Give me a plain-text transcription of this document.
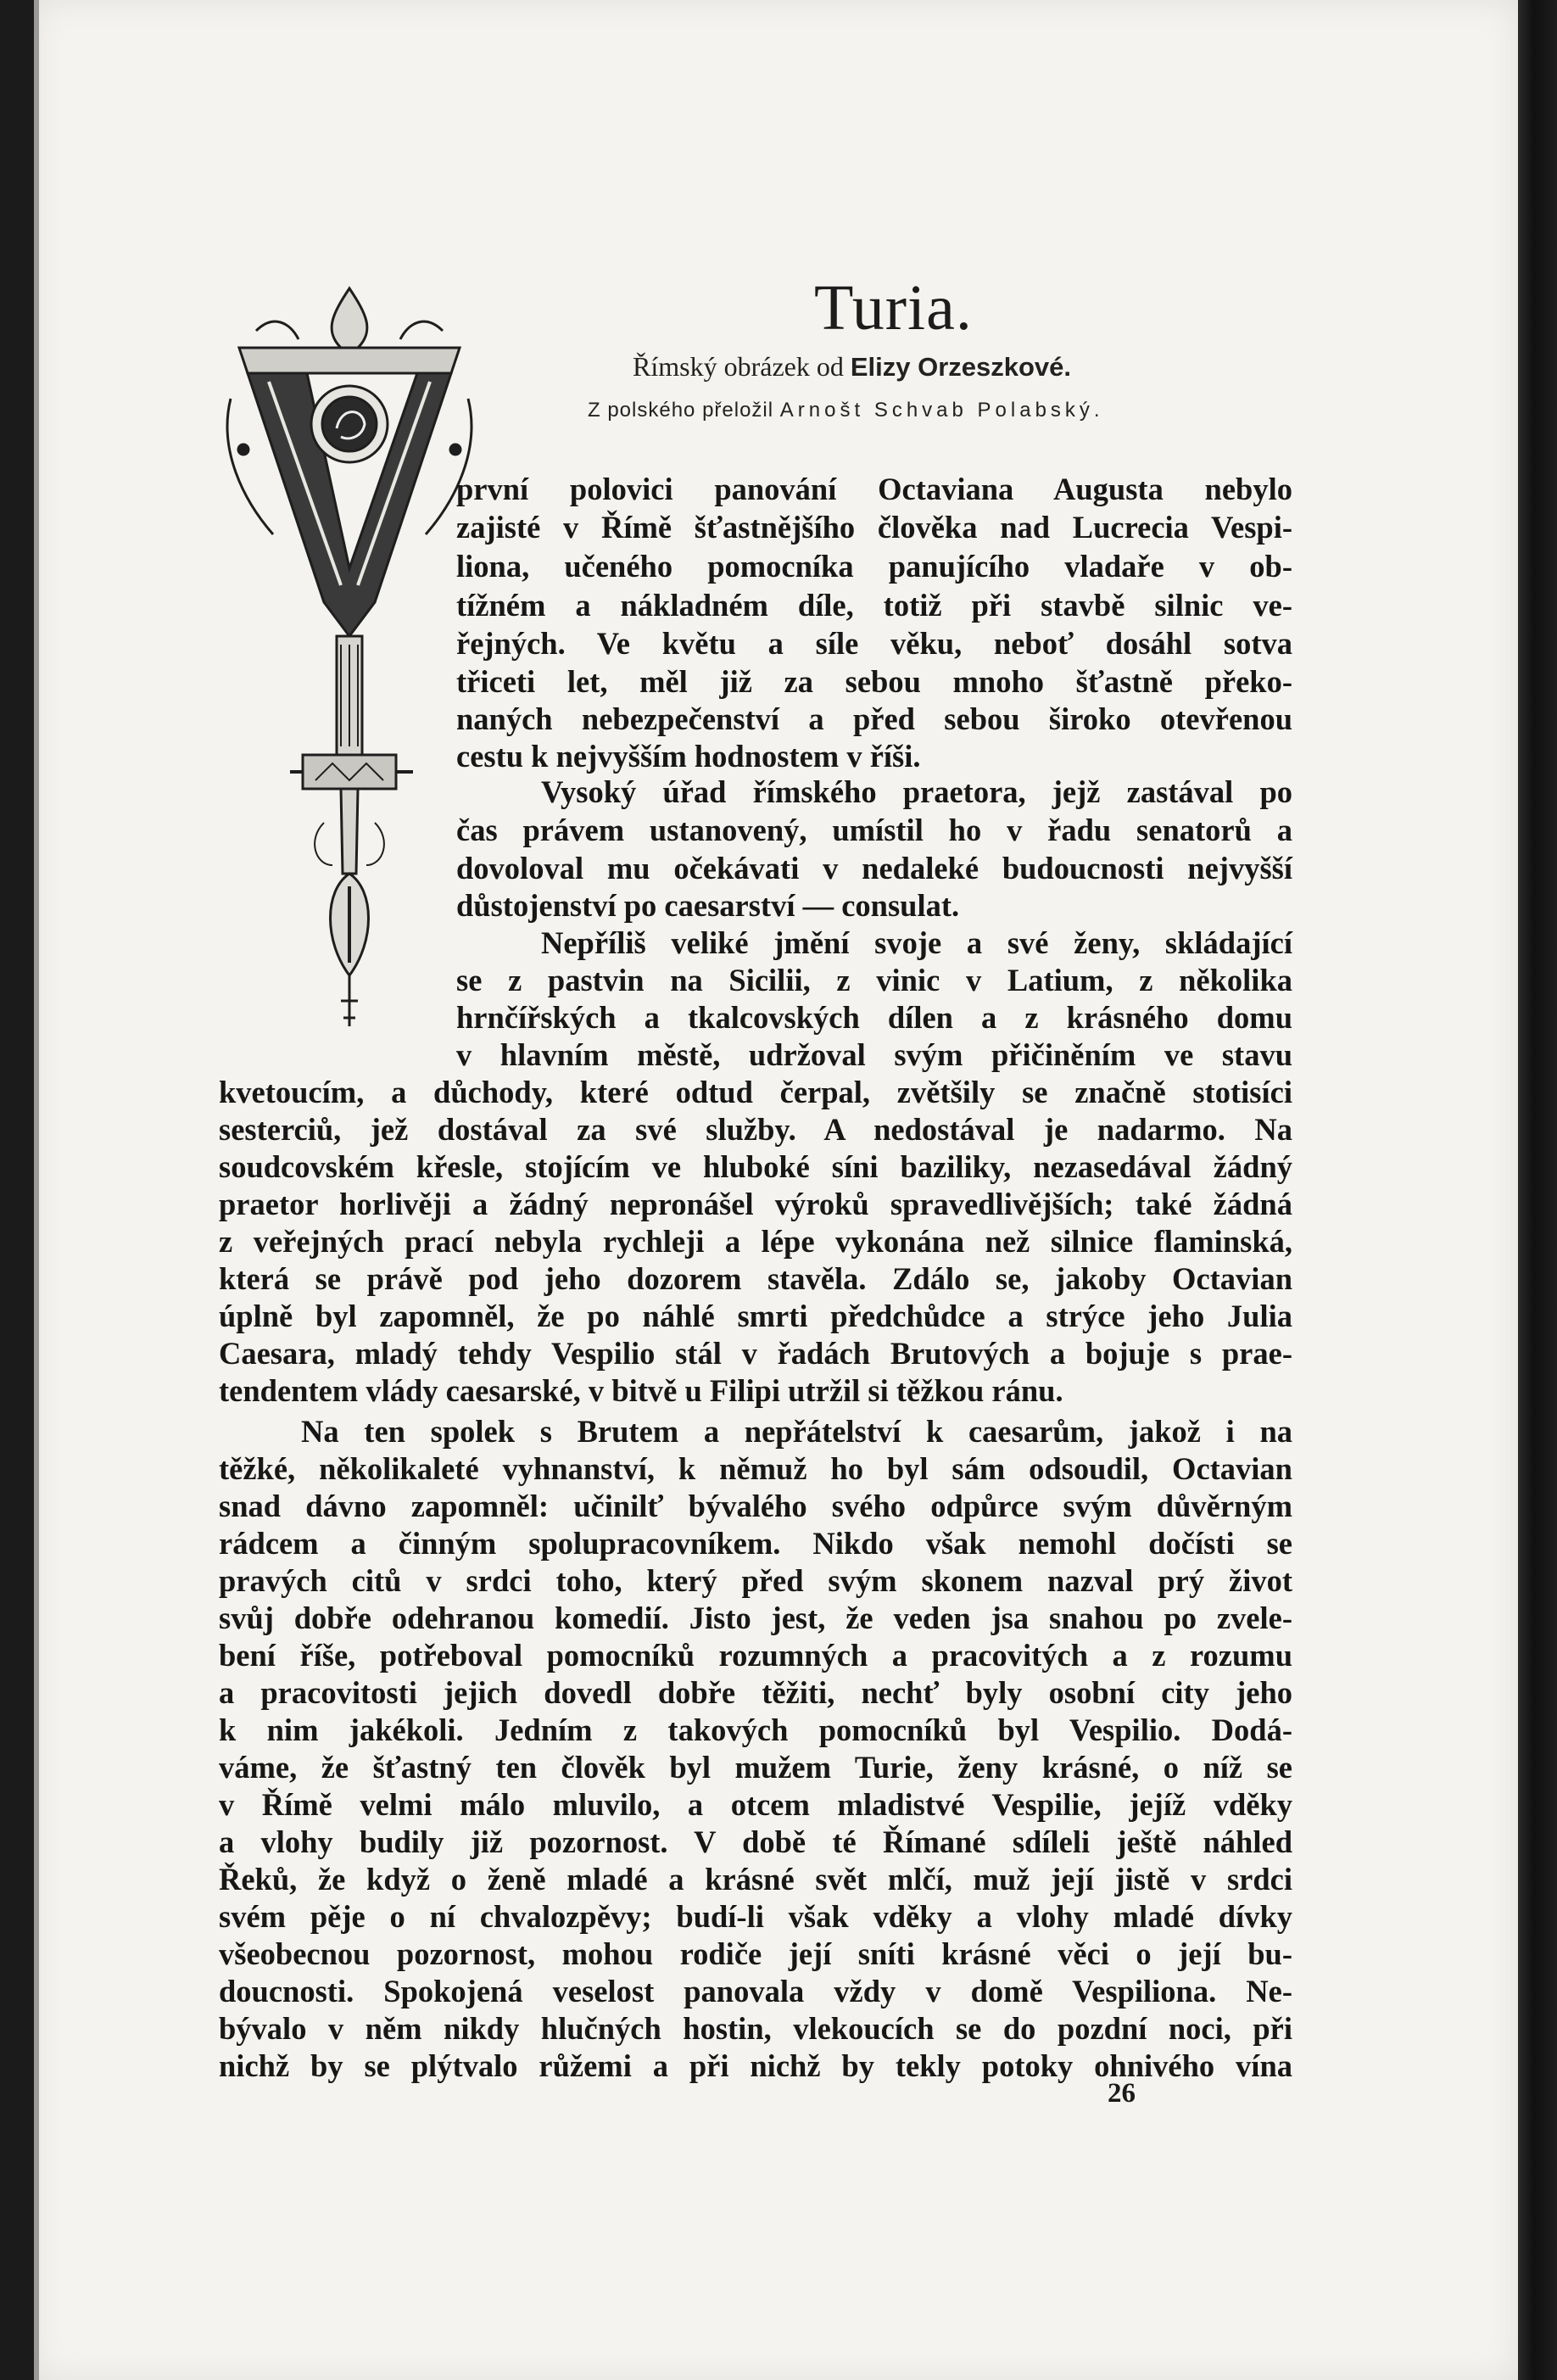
Turia.
Římský obrázek od Elizy Orzeszkové.
Z polského přeložil Arnošt Schvab Polabský.
první polovici panování Octaviana Augusta nebylo
zajisté v Římě šťastnějšího člověka nad Lucrecia Vespi-
liona, učeného pomocníka panujícího vladaře v ob-
tížném a nákladném díle, totiž při stavbě silnic ve-
řejných. Ve květu a síle věku, neboť dosáhl sotva
třiceti let, měl již za sebou mnoho šťastně překo-
naných nebezpečenství a před sebou široko otevřenou
cestu k nejvyšším hodnostem v říši.
Vysoký úřad římského praetora, jejž zastával po
čas právem ustanovený, umístil ho v řadu senatorů a
dovoloval mu očekávati v nedaleké budoucnosti nejvyšší
důstojenství po caesarství — consulat.
Nepříliš veliké jmění svoje a své ženy, skládající
se z pastvin na Sicilii, z vinic v Latium, z několika
hrnčířských a tkalcovských dílen a z krásného domu
v hlavním městě, udržoval svým přičiněním ve stavu
kvetoucím, a důchody, které odtud čerpal, zvětšily se značně stotisíci
sesterciů, jež dostával za své služby. A nedostával je nadarmo. Na
soudcovském křesle, stojícím ve hluboké síni baziliky, nezasedával žádný
praetor horlivěji a žádný nepronášel výroků spravedlivějších; také žádná
z veřejných prací nebyla rychleji a lépe vykonána než silnice flaminská,
která se právě pod jeho dozorem stavěla. Zdálo se, jakoby Octavian
úplně byl zapomněl, že po náhlé smrti předchůdce a strýce jeho Julia
Caesara, mladý tehdy Vespilio stál v řadách Brutových a bojuje s prae-
tendentem vlády caesarské, v bitvě u Filipi utržil si těžkou ránu.
Na ten spolek s Brutem a nepřátelství k caesarům, jakož i na
těžké, několikaleté vyhnanství, k němuž ho byl sám odsoudil, Octavian
snad dávno zapomněl: učinilť bývalého svého odpůrce svým důvěrným
rádcem a činným spolupracovníkem. Nikdo však nemohl dočísti se
pravých citů v srdci toho, který před svým skonem nazval prý život
svůj dobře odehranou komedií. Jisto jest, že veden jsa snahou po zvele-
bení říše, potřeboval pomocníků rozumných a pracovitých a z rozumu
a pracovitosti jejich dovedl dobře těžiti, nechť byly osobní city jeho
k nim jakékoli. Jedním z takových pomocníků byl Vespilio. Dodá-
váme, že šťastný ten člověk byl mužem Turie, ženy krásné, o níž se
v Římě velmi málo mluvilo, a otcem mladistvé Vespilie, jejíž vděky
a vlohy budily již pozornost. V době té Římané sdíleli ještě náhled
Řeků, že když o ženě mladé a krásné svět mlčí, muž její jistě v srdci
svém pěje o ní chvalozpěvy; budí-li však vděky a vlohy mladé dívky
všeobecnou pozornost, mohou rodiče její sníti krásné věci o její bu-
doucnosti. Spokojená veselost panovala vždy v domě Vespiliona. Ne-
bývalo v něm nikdy hlučných hostin, vlekoucích se do pozdní noci, při
nichž by se plýtvalo růžemi a při nichž by tekly potoky ohnivého vína
26
